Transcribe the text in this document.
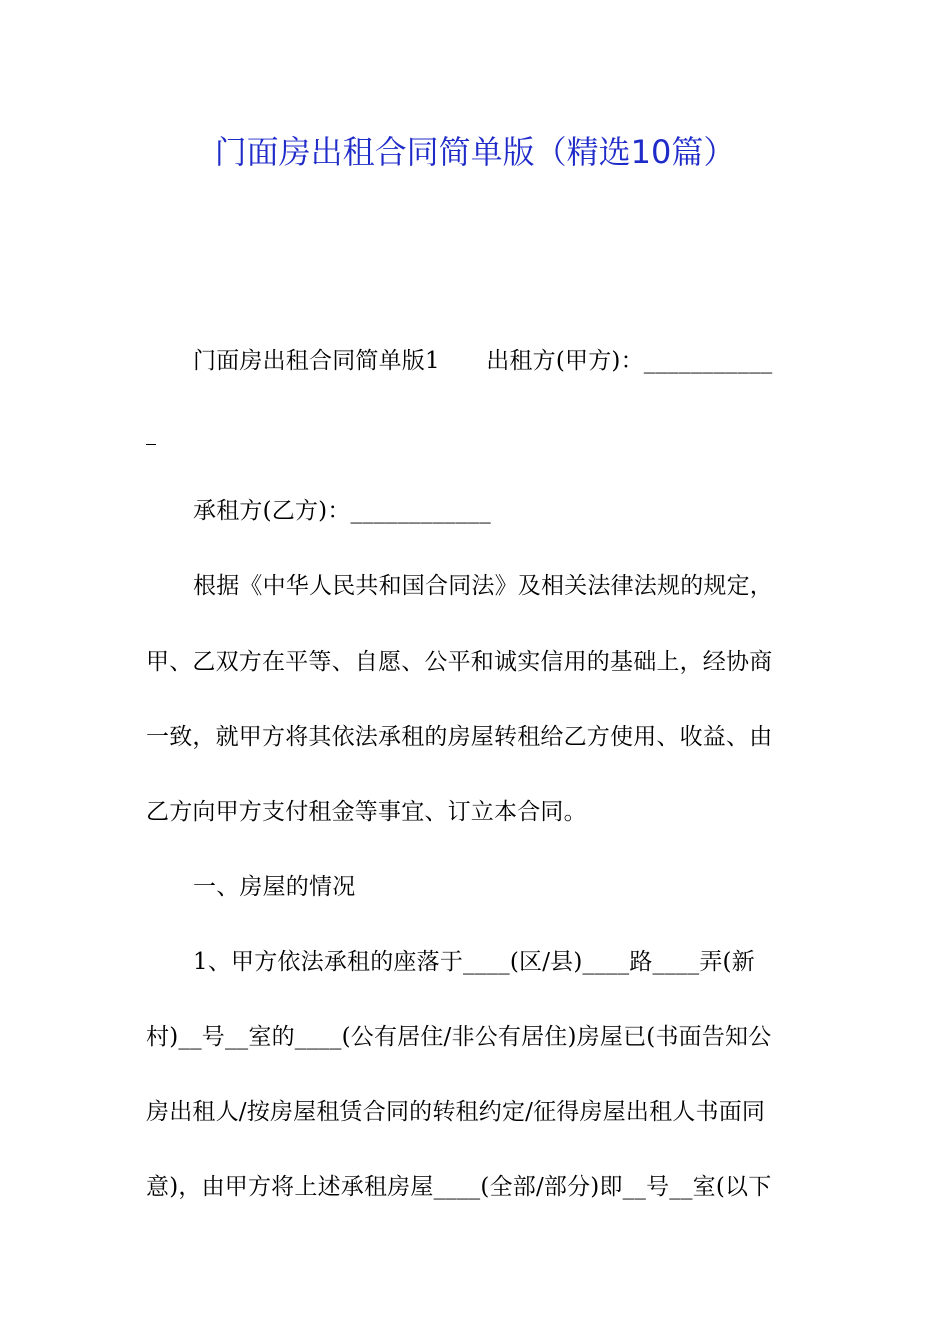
门面房出租合同简单版（精选10篇）
门面房出租合同简单版1　　出租方(甲方)：___________
承租方(乙方)：____________
根据《中华人民共和国合同法》及相关法律法规的规定，
甲、乙双方在平等、自愿、公平和诚实信用的基础上，经协商
一致，就甲方将其依法承租的房屋转租给乙方使用、收益、由
乙方向甲方支付租金等事宜、订立本合同。
一、房屋的情况
1、甲方依法承租的座落于____(区/县)____路____弄(新
村)__号__室的____(公有居住/非公有居住)房屋已(书面告知公
房出租人/按房屋租赁合同的转租约定/征得房屋出租人书面同
意)，由甲方将上述承租房屋____(全部/部分)即__号__室(以下
